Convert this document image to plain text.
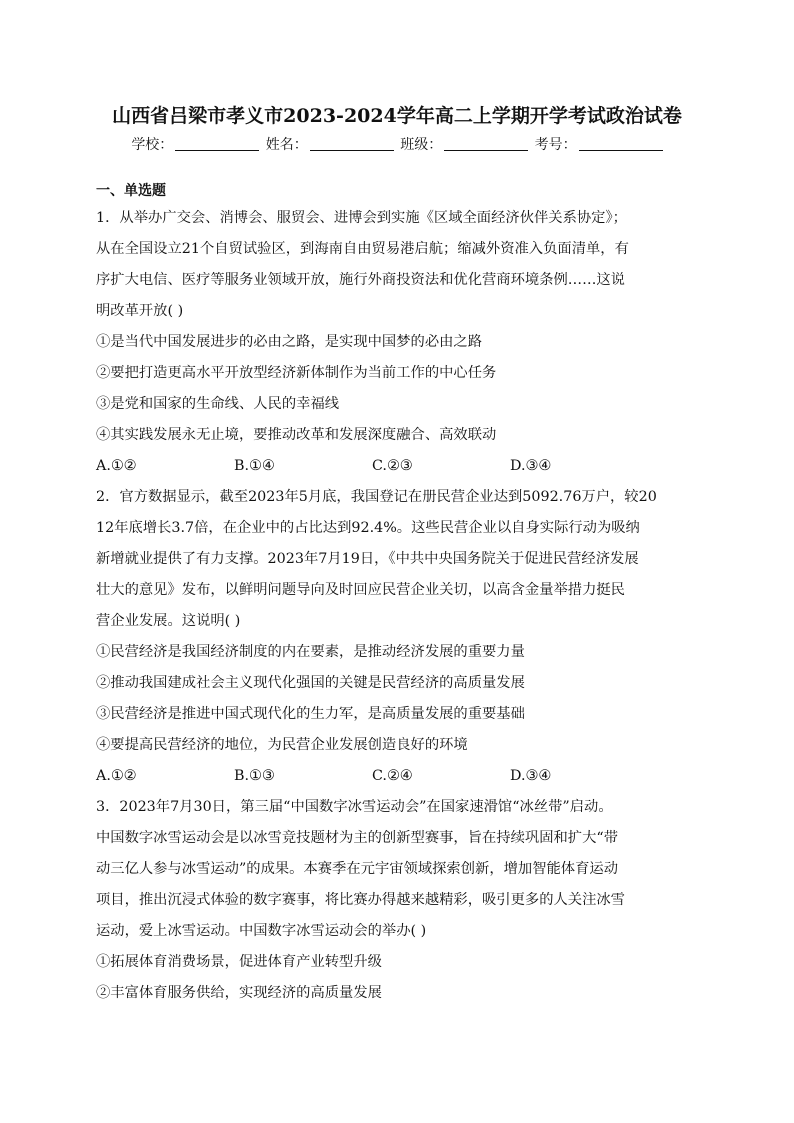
山西省吕梁市孝义市2023-2024学年高二上学期开学考试政治试卷
学校：	姓名：	班级：	考号：
一、单选题
1．从举办广交会、消博会、服贸会、进博会到实施《区域全面经济伙伴关系协定》；
从在全国设立21个自贸试验区，到海南自由贸易港启航；缩减外资准入负面清单，有
序扩大电信、医疗等服务业领域开放，施行外商投资法和优化营商环境条例……这说
明改革开放( )
①是当代中国发展进步的必由之路，是实现中国梦的必由之路
②要把打造更高水平开放型经济新体制作为当前工作的中心任务
③是党和国家的生命线、人民的幸福线
④其实践发展永无止境，要推动改革和发展深度融合、高效联动
A.①②	B.①④	C.②③	D.③④
2．官方数据显示，截至2023年5月底，我国登记在册民营企业达到5092.76万户，较20
12年底增长3.7倍，在企业中的占比达到92.4%。这些民营企业以自身实际行动为吸纳
新增就业提供了有力支撑。2023年7月19日，《中共中央国务院关于促进民营经济发展
壮大的意见》发布，以鲜明问题导向及时回应民营企业关切，以高含金量举措力挺民
营企业发展。这说明( )
①民营经济是我国经济制度的内在要素，是推动经济发展的重要力量
②推动我国建成社会主义现代化强国的关键是民营经济的高质量发展
③民营经济是推进中国式现代化的生力军，是高质量发展的重要基础
④要提高民营经济的地位，为民营企业发展创造良好的环境
A.①②	B.①③	C.②④	D.③④
3．2023年7月30日，第三届“中国数字冰雪运动会”在国家速滑馆“冰丝带”启动。
中国数字冰雪运动会是以冰雪竞技题材为主的创新型赛事，旨在持续巩固和扩大“带
动三亿人参与冰雪运动”的成果。本赛季在元宇宙领域探索创新，增加智能体育运动
项目，推出沉浸式体验的数字赛事，将比赛办得越来越精彩，吸引更多的人关注冰雪
运动，爱上冰雪运动。中国数字冰雪运动会的举办( )
①拓展体育消费场景，促进体育产业转型升级
②丰富体育服务供给，实现经济的高质量发展
